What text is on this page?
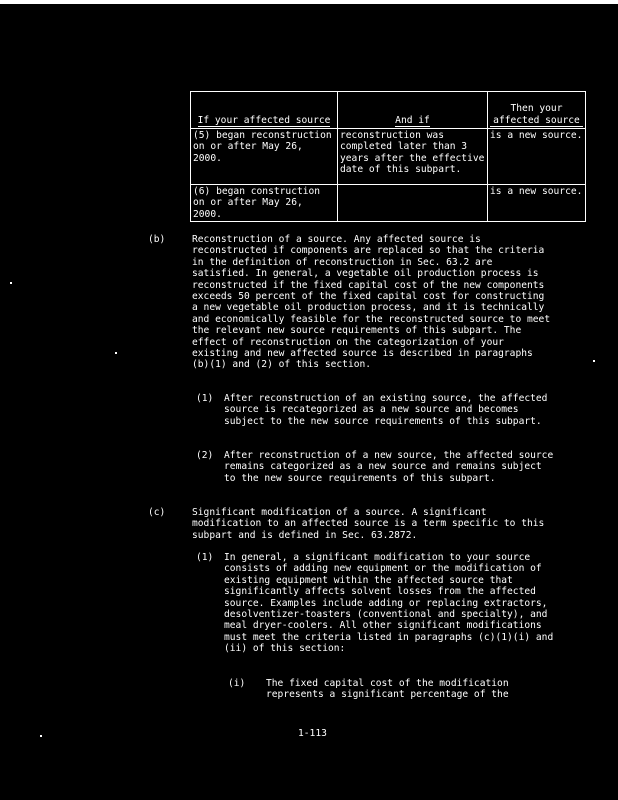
If your affected source	And if	Then your affected source
(5) began reconstruction on or after May 26, 2000.	reconstruction was completed later than 3 years after the effective date of this subpart.	is a new source.
(6) began construction on or after May 26, 2000.		is a new source.
(b)	Reconstruction of a source. Any affected source is reconstructed if components are replaced so that the criteria in the definition of reconstruction in Sec. 63.2 are satisfied. In general, a vegetable oil production process is reconstructed if the fixed capital cost of the new components exceeds 50 percent of the fixed capital cost for constructing a new vegetable oil production process, and it is technically and economically feasible for the reconstructed source to meet the relevant new source requirements of this subpart. The effect of reconstruction on the categorization of your existing and new affected source is described in paragraphs (b)(1) and (2) of this section.
(1) After reconstruction of an existing source, the affected source is recategorized as a new source and becomes subject to the new source requirements of this subpart.
(2) After reconstruction of a new source, the affected source remains categorized as a new source and remains subject to the new source requirements of this subpart.
(c)	Significant modification of a source. A significant modification to an affected source is a term specific to this subpart and is defined in Sec. 63.2872.
(1) In general, a significant modification to your source consists of adding new equipment or the modification of existing equipment within the affected source that significantly affects solvent losses from the affected source. Examples include adding or replacing extractors, desolventizer-toasters (conventional and specialty), and meal dryer-coolers. All other significant modifications must meet the criteria listed in paragraphs (c)(1)(i) and (ii) of this section:
(i) The fixed capital cost of the modification represents a significant percentage of the
1-113
